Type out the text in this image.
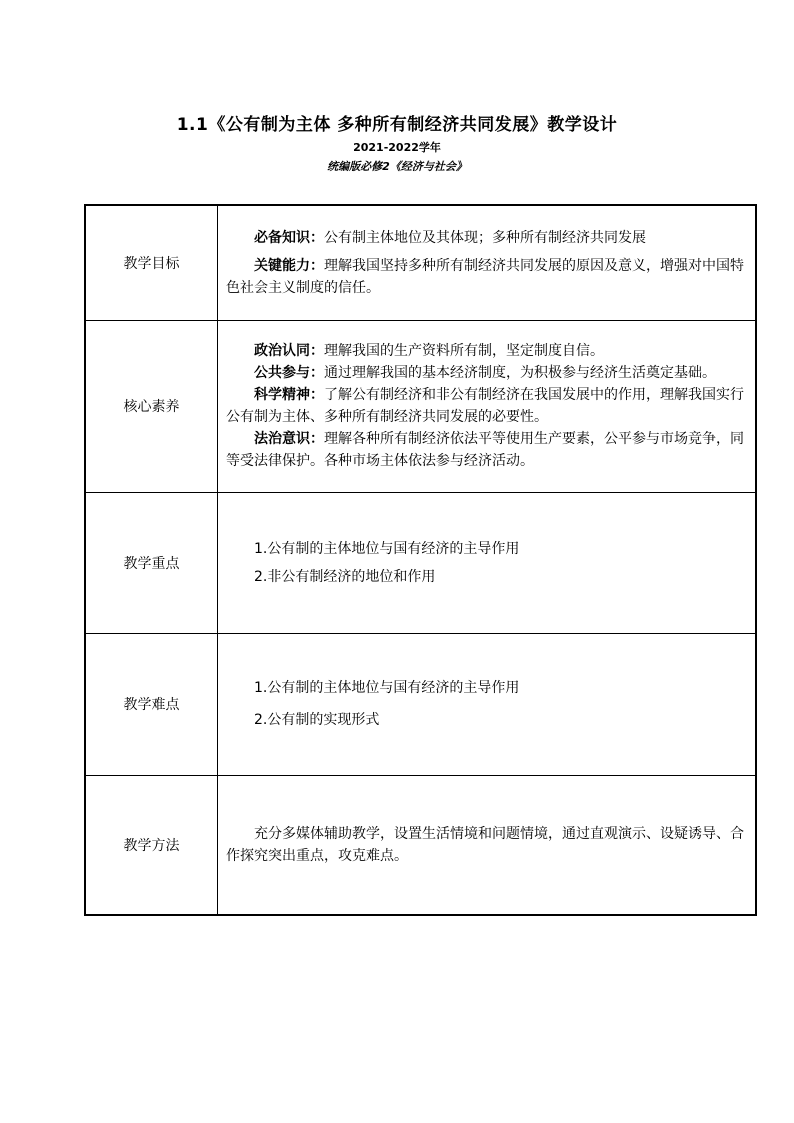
1.1《公有制为主体 多种所有制经济共同发展》教学设计
2021-2022学年
统编版必修2《经济与社会》
教学目标	必备知识：公有制主体地位及其体现；多种所有制经济共同发展

关键能力：理解我国坚持多种所有制经济共同发展的原因及意义，增强对中国特色社会主义制度的信任。

核心素养	政治认同：理解我国的生产资料所有制，坚定制度自信。

公共参与：通过理解我国的基本经济制度，为积极参与经济生活奠定基础。

科学精神：了解公有制经济和非公有制经济在我国发展中的作用，理解我国实行公有制为主体、多种所有制经济共同发展的必要性。

法治意识：理解各种所有制经济依法平等使用生产要素，公平参与市场竞争，同等受法律保护。各种市场主体依法参与经济活动。

教学重点	1.公有制的主体地位与国有经济的主导作用

2.非公有制经济的地位和作用

教学难点	1.公有制的主体地位与国有经济的主导作用

2.公有制的实现形式

教学方法	充分多媒体辅助教学，设置生活情境和问题情境，通过直观演示、设疑诱导、合作探究突出重点，攻克难点。
